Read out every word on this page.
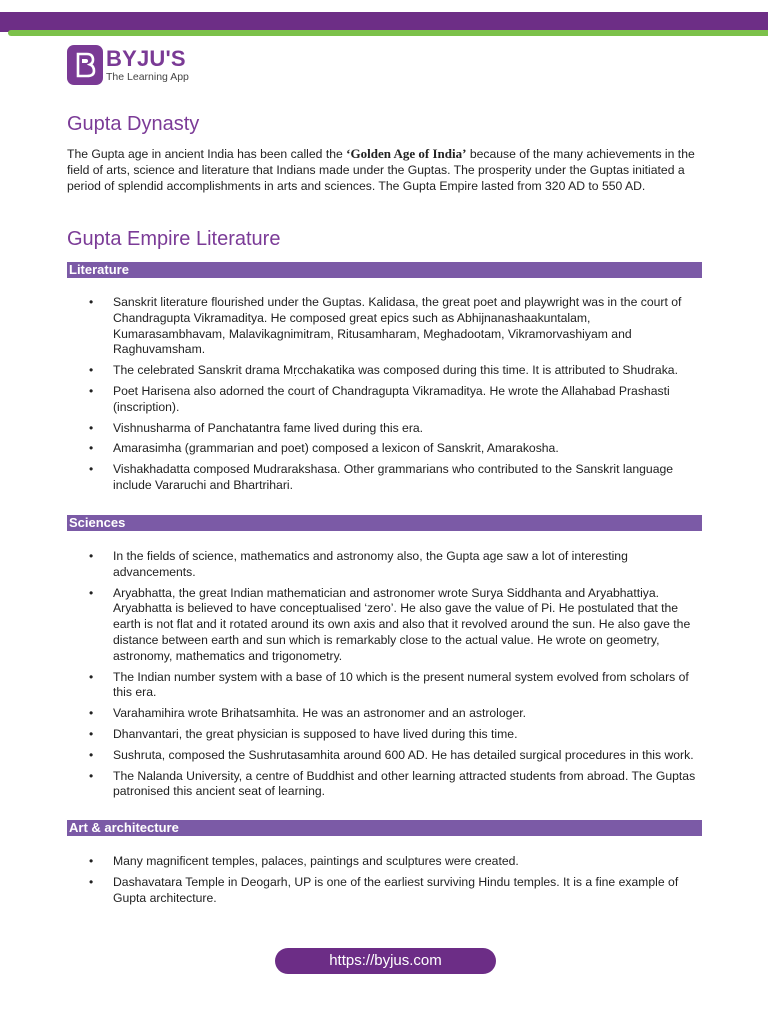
BYJU'S
The Learning App
Gupta Dynasty

The Gupta age in ancient India has been called the ‘Golden Age of India’ because of the many achievements in the field of arts, science and literature that Indians made under the Guptas. The prosperity under the Guptas initiated a period of splendid accomplishments in arts and sciences. The Gupta Empire lasted from 320 AD to 550 AD.

Gupta Empire Literature
Literature
• Sanskrit literature flourished under the Guptas. Kalidasa, the great poet and playwright was in the court of Chandragupta Vikramaditya. He composed great epics such as Abhijnanashaakuntalam, Kumarasambhavam, Malavikagnimitram, Ritusamharam, Meghadootam, Vikramorvashiyam and Raghuvamsham.
• The celebrated Sanskrit drama Mṛcchakatika was composed during this time. It is attributed to Shudraka.
• Poet Harisena also adorned the court of Chandragupta Vikramaditya. He wrote the Allahabad Prashasti (inscription).
• Vishnusharma of Panchatantra fame lived during this era.
• Amarasimha (grammarian and poet) composed a lexicon of Sanskrit, Amarakosha.
• Vishakhadatta composed Mudrarakshasa. Other grammarians who contributed to the Sanskrit language include Vararuchi and Bhartrihari.
Sciences
• In the fields of science, mathematics and astronomy also, the Gupta age saw a lot of interesting advancements.
• Aryabhatta, the great Indian mathematician and astronomer wrote Surya Siddhanta and Aryabhattiya. Aryabhatta is believed to have conceptualised ‘zero’. He also gave the value of Pi. He postulated that the earth is not flat and it rotated around its own axis and also that it revolved around the sun. He also gave the distance between earth and sun which is remarkably close to the actual value. He wrote on geometry, astronomy, mathematics and trigonometry.
• The Indian number system with a base of 10 which is the present numeral system evolved from scholars of this era.
• Varahamihira wrote Brihatsamhita. He was an astronomer and an astrologer.
• Dhanvantari, the great physician is supposed to have lived during this time.
• Sushruta, composed the Sushrutasamhita around 600 AD. He has detailed surgical procedures in this work.
• The Nalanda University, a centre of Buddhist and other learning attracted students from abroad. The Guptas patronised this ancient seat of learning.
Art & architecture
• Many magnificent temples, palaces, paintings and sculptures were created.
• Dashavatara Temple in Deogarh, UP is one of the earliest surviving Hindu temples. It is a fine example of Gupta architecture.
https://byjus.com
